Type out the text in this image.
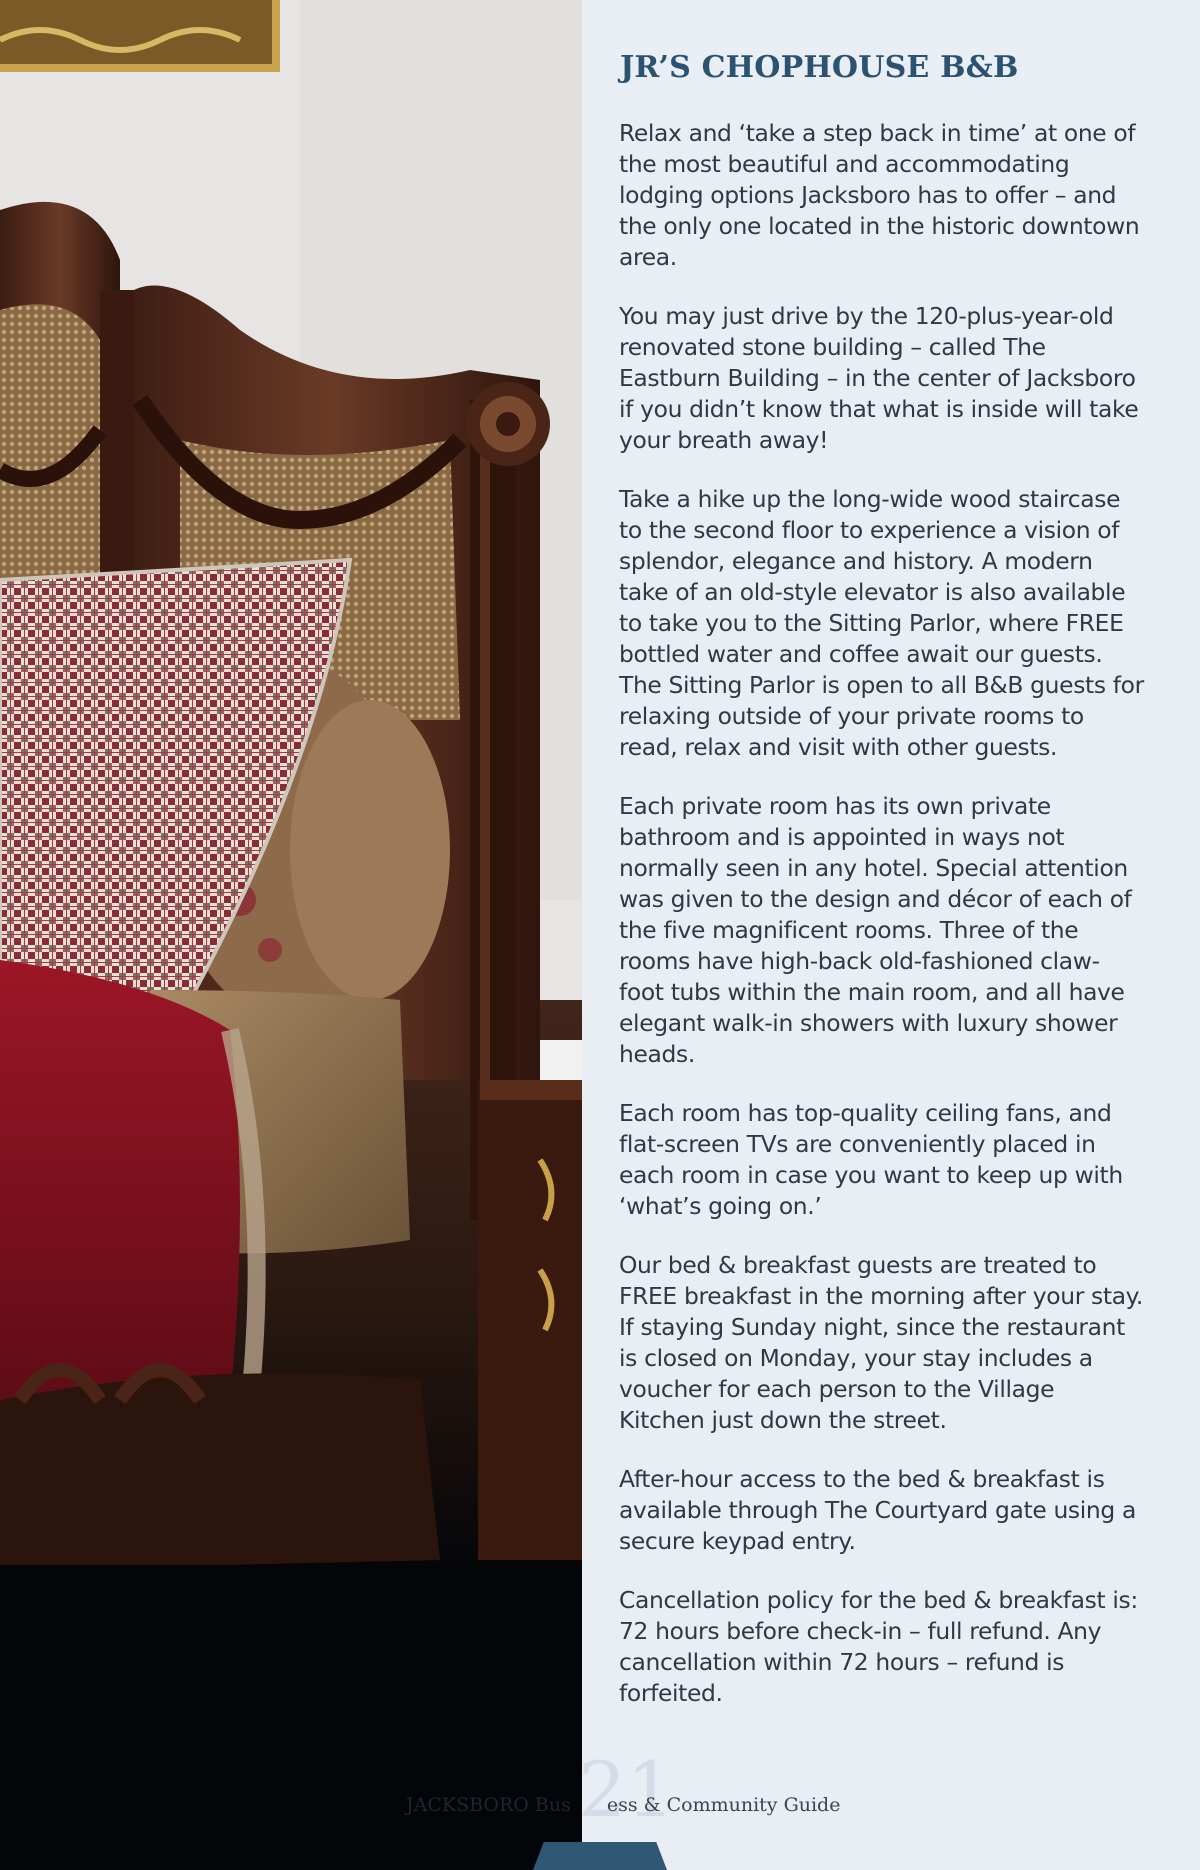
JR’S CHOPHOUSE B&B

Relax and ‘take a step back in time’ at one of the most beautiful and accommodating lodging options Jacksboro has to offer – and the only one located in the historic downtown area.

You may just drive by the 120-plus-year-old renovated stone building – called The Eastburn Building – in the center of Jacksboro if you didn’t know that what is inside will take your breath away!

Take a hike up the long-wide wood staircase to the second floor to experience a vision of splendor, elegance and history. A modern take of an old-style elevator is also available to take you to the Sitting Parlor, where FREE bottled water and coffee await our guests. The Sitting Parlor is open to all B&B guests for relaxing outside of your private rooms to read, relax and visit with other guests.

Each private room has its own private bathroom and is appointed in ways not normally seen in any hotel. Special attention was given to the design and décor of each of the five magnificent rooms. Three of the rooms have high-back old-fashioned claw-foot tubs within the main room, and all have elegant walk-in showers with luxury shower heads.

Each room has top-quality ceiling fans, and flat-screen TVs are conveniently placed in each room in case you want to keep up with ‘what’s going on.’

Our bed & breakfast guests are treated to FREE breakfast in the morning after your stay. If staying Sunday night, since the restaurant is closed on Monday, your stay includes a voucher for each person to the Village Kitchen just down the street.

After-hour access to the bed & breakfast is available through The Courtyard gate using a secure keypad entry.

Cancellation policy for the bed & breakfast is: 72 hours before check-in – full refund. Any cancellation within 72 hours – refund is forfeited.

21
JACKSBORO Bus ess & Community Guide
